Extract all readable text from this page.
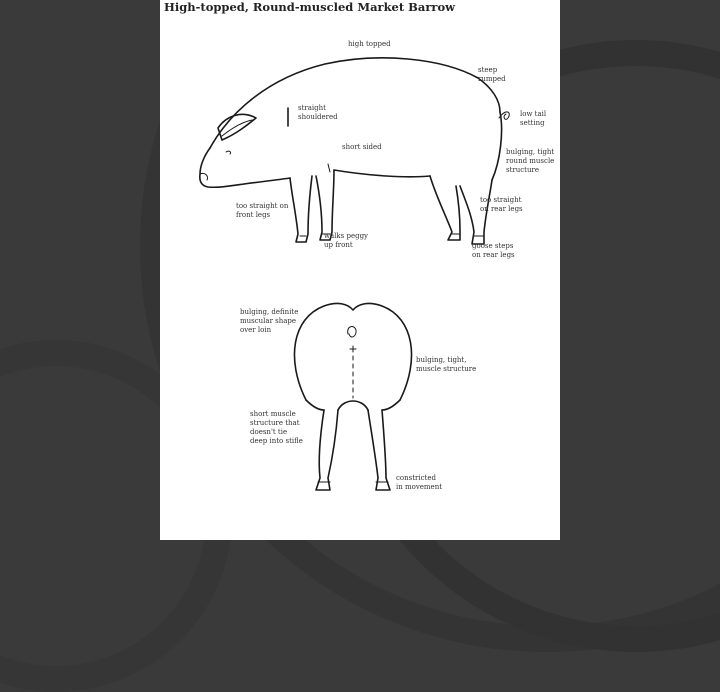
High-topped, Round-muscled Market Barrow
high topped
steep
rumped
straight
shouldered	low tail
setting
short sided
bulging, tight
round muscle
structure
too straight on
front legs
too straight
on rear legs
walks peggy
up front	goose steps
on rear legs
bulging, definite
muscular shape
over loin
bulging, tight,
muscle structure
short muscle
structure that
doesn't tie
deep into stifle
constricted
in movement
